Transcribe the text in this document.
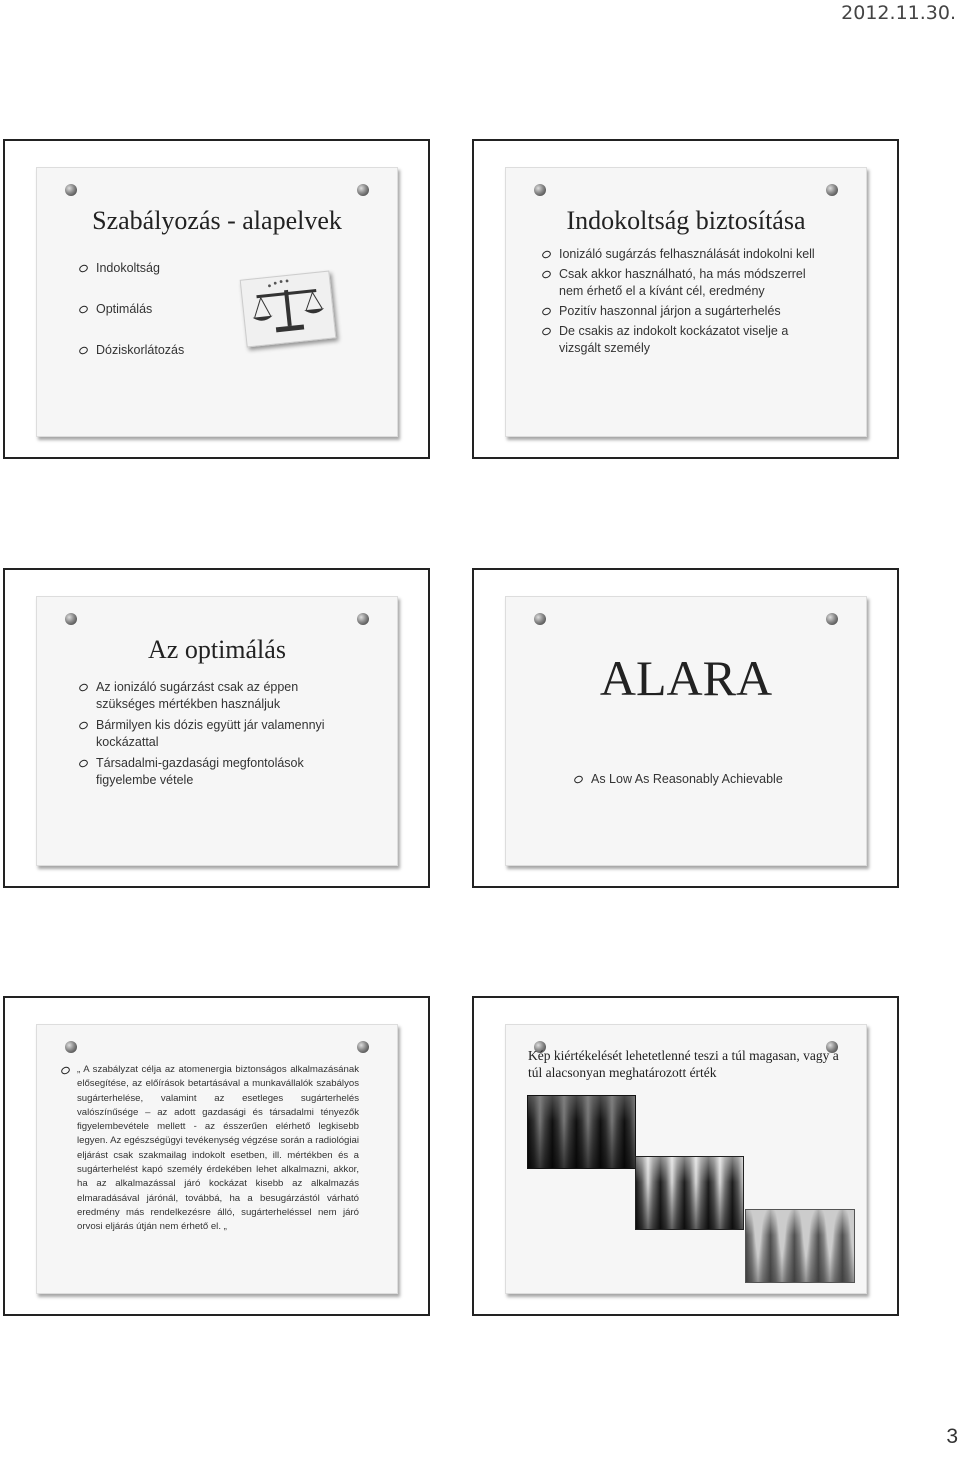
2012.11.30.
Szabályozás - alapelvek
Indokoltság
Optimálás
Dóziskorlátozás
Indokoltság biztosítása
Ionizáló sugárzás felhasználását indokolni kell
Csak akkor használható, ha más módszerrel nem érhető el a kívánt cél, eredmény
Pozitív haszonnal járjon a sugárterhelés
De csakis az indokolt kockázatot viselje a vizsgált személy
Az optimálás
Az ionizáló sugárzást csak az éppen szükséges mértékben használjuk
Bármilyen kis dózis együtt jár valamennyi kockázattal
Társadalmi-gazdasági megfontolások figyelembe vétele
ALARA
As Low As Reasonably Achievable
„ A szabályzat célja az atomenergia biztonságos alkalmazásának elősegítése, az előírások betartásával a munkavállalók szabályos sugárterhelése, valamint az esetleges sugárterhelés valószínűsége – az adott gazdasági és társadalmi tényezők figyelembevétele mellett - az ésszerűen elérhető legkisebb legyen. Az egészségügyi tevékenység végzése során a radiológiai eljárást csak szakmailag indokolt esetben, ill. mértékben és a sugárterhelést kapó személy érdekében lehet alkalmazni, akkor, ha az alkalmazással járó kockázat kisebb az alkalmazás elmaradásával járónál, továbbá, ha a besugárzástól várható eredmény más rendelkezésre álló, sugárterheléssel nem járó orvosi eljárás útján nem érhető el. „
Kép kiértékelését lehetetlenné teszi a túl magasan, vagy a túl alacsonyan meghatározott érték
3
